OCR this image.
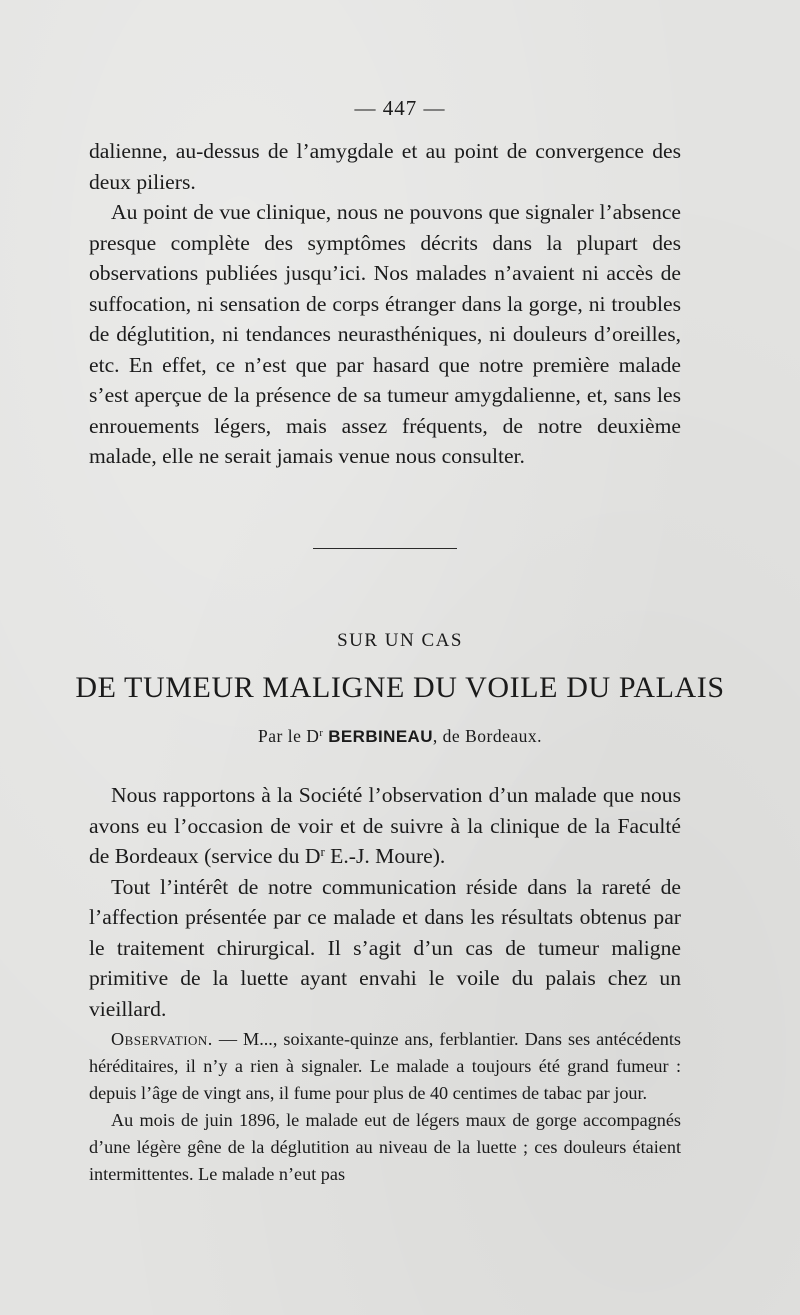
— 447 —

dalienne, au-dessus de l’amygdale et au point de convergence des deux piliers.

Au point de vue clinique, nous ne pouvons que signaler l’absence presque complète des symptômes décrits dans la plupart des observations publiées jusqu’ici. Nos malades n’avaient ni accès de suffocation, ni sensation de corps étranger dans la gorge, ni troubles de déglutition, ni tendances neurasthéniques, ni douleurs d’oreilles, etc. En effet, ce n’est que par hasard que notre première malade s’est aperçue de la présence de sa tumeur amygdalienne, et, sans les enrouements légers, mais assez fréquents, de notre deuxième malade, elle ne serait jamais venue nous consulter.

SUR UN CAS
DE TUMEUR MALIGNE DU VOILE DU PALAIS
Par le $D^r$ BERBINEAU, de Bordeaux.

Nous rapportons à la Société l’observation d’un malade que nous avons eu l’occasion de voir et de suivre à la clinique de la Faculté de Bordeaux (service du $D^r$ E.-J. Moure).

Tout l’intérêt de notre communication réside dans la rareté de l’affection présentée par ce malade et dans les résultats obtenus par le traitement chirurgical. Il s’agit d’un cas de tumeur maligne primitive de la luette ayant envahi le voile du palais chez un vieillard.

Observation. — M..., soixante-quinze ans, ferblantier. Dans ses antécédents héréditaires, il n’y a rien à signaler. Le malade a toujours été grand fumeur : depuis l’âge de vingt ans, il fume pour plus de 40 centimes de tabac par jour.

Au mois de juin 1896, le malade eut de légers maux de gorge accompagnés d’une légère gêne de la déglutition au niveau de la luette ; ces douleurs étaient intermittentes. Le malade n’eut pas
